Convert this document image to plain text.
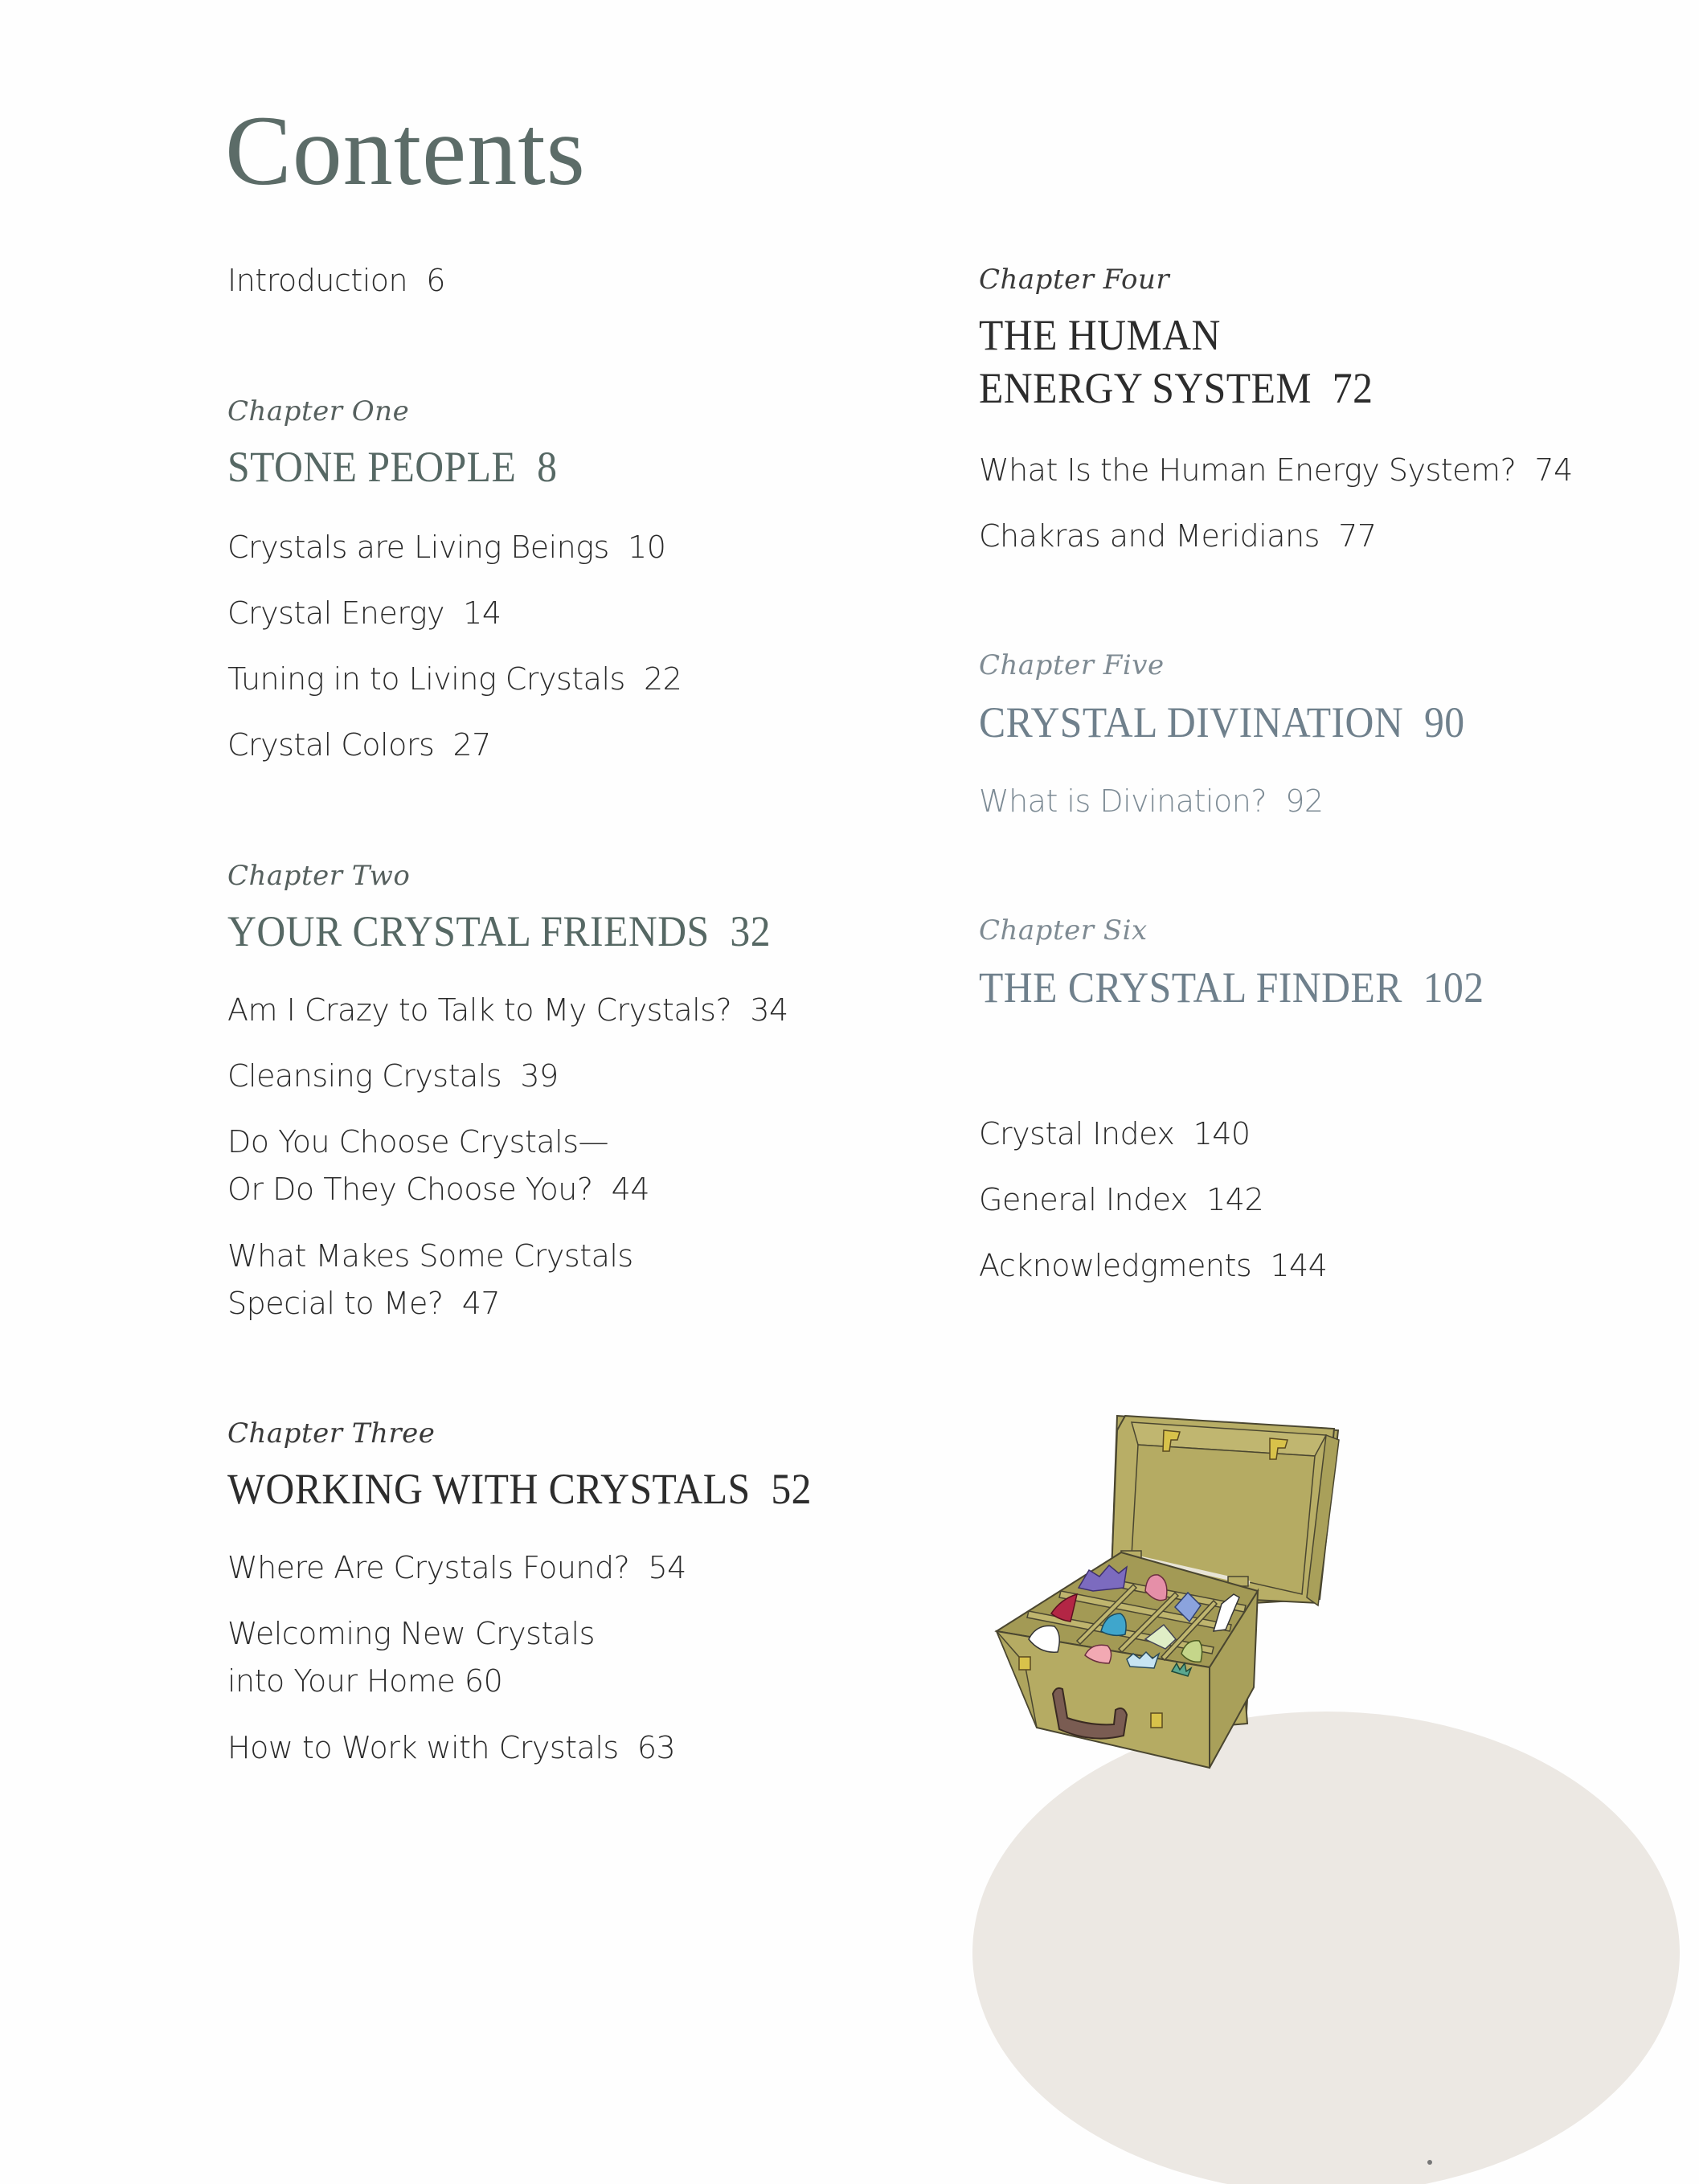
Contents
Introduction 6
Chapter One
STONE PEOPLE 8
Crystals are Living Beings 10
Crystal Energy 14
Tuning in to Living Crystals 22
Crystal Colors 27
Chapter Two
YOUR CRYSTAL FRIENDS 32
Am I Crazy to Talk to My Crystals? 34
Cleansing Crystals 39
Do You Choose Crystals—
Or Do They Choose You? 44
What Makes Some Crystals
Special to Me? 47
Chapter Three
WORKING WITH CRYSTALS 52
Where Are Crystals Found? 54
Welcoming New Crystals
into Your Home 60
How to Work with Crystals 63
Chapter Four
THE HUMAN
ENERGY SYSTEM 72
What Is the Human Energy System? 74
Chakras and Meridians 77
Chapter Five
CRYSTAL DIVINATION 90
What is Divination? 92
Chapter Six
THE CRYSTAL FINDER 102
Crystal Index 140
General Index 142
Acknowledgments 144
